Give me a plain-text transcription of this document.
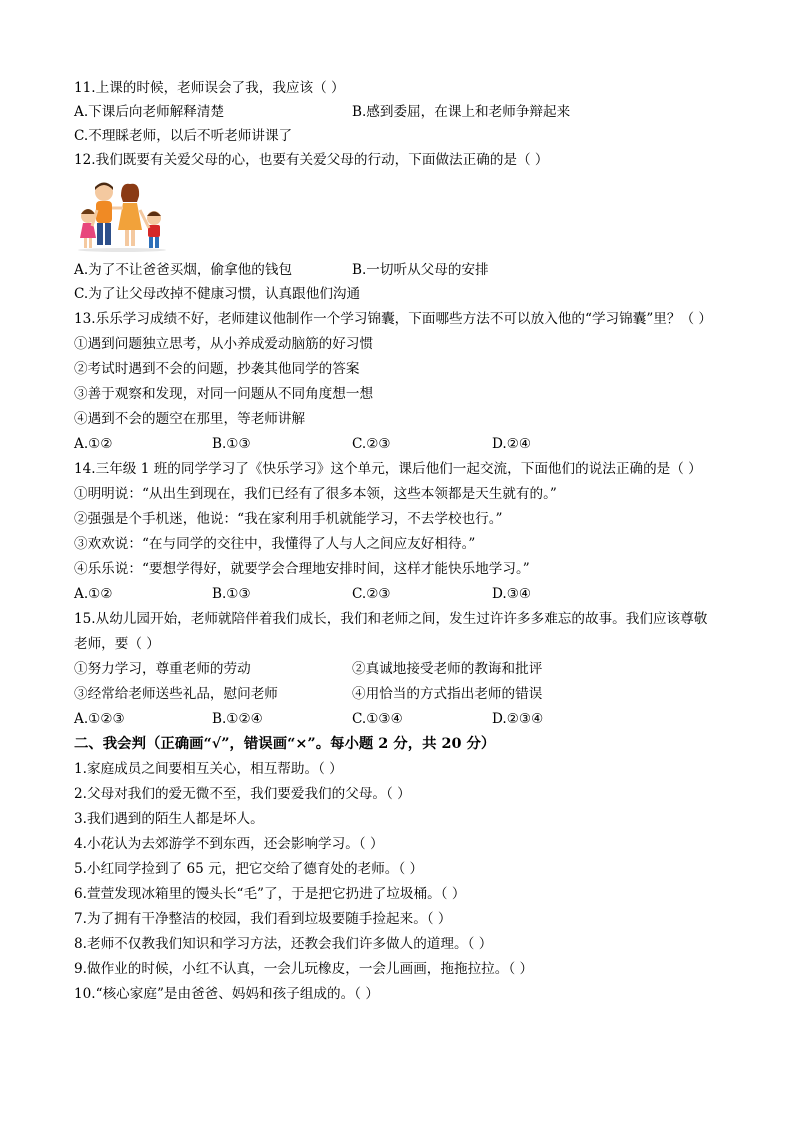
11.上课的时候，老师误会了我，我应该（ ）
A.下课后向老师解释清楚	B.感到委屈，在课上和老师争辩起来
C.不理睬老师，以后不听老师讲课了
12.我们既要有关爱父母的心，也要有关爱父母的行动，下面做法正确的是（ ）
A.为了不让爸爸买烟，偷拿他的钱包	B.一切听从父母的安排
C.为了让父母改掉不健康习惯，认真跟他们沟通
13.乐乐学习成绩不好，老师建议他制作一个学习锦囊，下面哪些方法不可以放入他的“学习锦囊”里？（ ）
①遇到问题独立思考，从小养成爱动脑筋的好习惯
②考试时遇到不会的问题，抄袭其他同学的答案
③善于观察和发现，对同一问题从不同角度想一想
④遇到不会的题空在那里，等老师讲解
A.①②	B.①③	C.②③	D.②④
14.三年级 1 班的同学学习了《快乐学习》这个单元，课后他们一起交流，下面他们的说法正确的是（ ）
①明明说：“从出生到现在，我们已经有了很多本领，这些本领都是天生就有的。”
②强强是个手机迷，他说：“我在家利用手机就能学习，不去学校也行。”
③欢欢说：“在与同学的交往中，我懂得了人与人之间应友好相待。”
④乐乐说：“要想学得好，就要学会合理地安排时间，这样才能快乐地学习。”
A.①②	B.①③	C.②③	D.③④
15.从幼儿园开始，老师就陪伴着我们成长，我们和老师之间，发生过许许多多难忘的故事。我们应该尊敬
老师，要（ ）
①努力学习，尊重老师的劳动	②真诚地接受老师的教诲和批评
③经常给老师送些礼品，慰问老师	④用恰当的方式指出老师的错误
A.①②③	B.①②④	C.①③④	D.②③④
二、我会判（正确画“√”，错误画“×”。每小题 2 分，共 20 分）
1.家庭成员之间要相互关心，相互帮助。（ ）
2.父母对我们的爱无微不至，我们要爱我们的父母。（ ）
3.我们遇到的陌生人都是坏人。
4.小花认为去郊游学不到东西，还会影响学习。（ ）
5.小红同学捡到了 65 元，把它交给了德育处的老师。（ ）
6.萱萱发现冰箱里的馒头长“毛”了，于是把它扔进了垃圾桶。（ ）
7.为了拥有干净整洁的校园，我们看到垃圾要随手捡起来。（ ）
8.老师不仅教我们知识和学习方法，还教会我们许多做人的道理。（ ）
9.做作业的时候，小红不认真，一会儿玩橡皮，一会儿画画，拖拖拉拉。（ ）
10.“核心家庭”是由爸爸、妈妈和孩子组成的。（ ）
